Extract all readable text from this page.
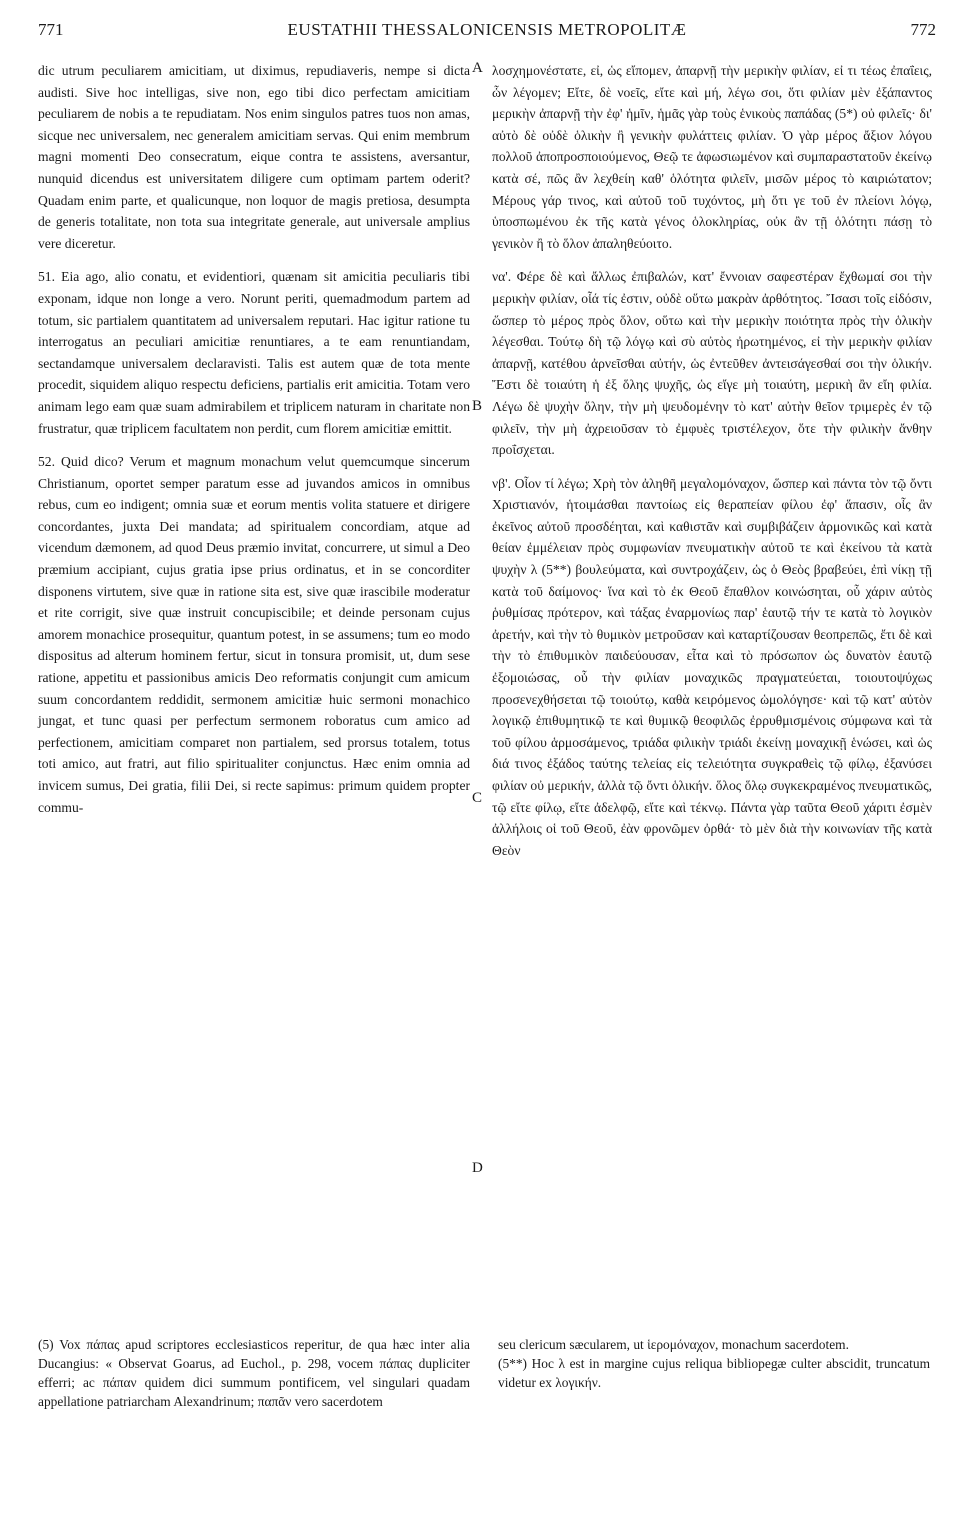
771	EUSTATHII THESSALONICENSIS METROPOLITÆ	772

dic utrum peculiarem amicitiam, ut diximus, repudiaveris, nempe si dicta audisti. Sive hoc intelligas, sive non, ego tibi dico perfectam amicitiam peculiarem de nobis a te repudiatam. Nos enim singulos patres tuos non amas, sicque nec universalem, nec generalem amicitiam servas. Qui enim membrum magni momenti Deo consecratum, eique contra te assistens, aversantur, nunquid dicendus est universitatem diligere cum optimam partem oderit? Quadam enim parte, et qualicunque, non loquor de magis pretiosa, desumpta de generis totalitate, non tota sua integritate generale, aut universale amplius vere diceretur.

51. Eia ago, alio conatu, et evidentiori, quænam sit amicitia peculiaris tibi exponam, idque non longe a vero. Norunt periti, quemadmodum partem ad totum, sic partialem quantitatem ad universalem reputari. Hac igitur ratione tu interrogatus an peculiari amicitiæ renuntiares, a te eam renuntiandam, sectandamque universalem declaravisti. Talis est autem quæ de tota mente procedit, siquidem aliquo respectu deficiens, partialis erit amicitia. Totam vero animam lego eam quæ suam admirabilem et triplicem naturam in charitate non frustratur, quæ triplicem facultatem non perdit, cum florem amicitiæ emittit.

52. Quid dico? Verum et magnum monachum velut quemcumque sincerum Christianum, oportet semper paratum esse ad juvandos amicos in omnibus rebus, cum eo indigent; omnia suæ et eorum mentis volita statuere et dirigere concordantes, juxta Dei mandata; ad spiritualem concordiam, atque ad vicendum dæmonem, ad quod Deus præmio invitat, concurrere, ut simul a Deo præmium accipiant, cujus gratia ipse prius ordinatus, et in se concorditer disponens virtutem, sive quæ in ratione sita est, sive quæ irascibile moderatur et rite corrigit, sive quæ instruit concupiscibile; et deinde personam cujus amorem monachice prosequitur, quantum potest, in se assumens; tum eo modo dispositus ad alterum hominem fertur, sicut in tonsura promisit, ut, dum sese ratione, appetitu et passionibus amicis Deo reformatis conjungit cum amicum suum concordantem reddidit, sermonem amicitiæ huic sermoni monachico jungat, et tunc quasi per perfectum sermonem roboratus cum amico ad perfectionem, amicitiam comparet non partialem, sed prorsus totalem, totus toti amico, aut fratri, aut filio spiritualiter conjunctus. Hæc enim omnia ad invicem sumus, Dei gratia, filii Dei, si recte sapimus: primum quidem propter commu-

A
B
C
D

λοσχημονέστατε, εἰ, ὡς εἴπομεν, ἀπαρνῇ τὴν μερικὴν φιλίαν, εἰ τι τέως ἐπαΐεις, ὧν λέγομεν; Εἴτε, δὲ νοεῖς, εἴτε καὶ μή, λέγω σοι, ὅτι φιλίαν μὲν ἐξάπαντος μερικὴν ἀπαρνῇ τὴν ἐφ' ἡμῖν, ἡμᾶς γὰρ τοὺς ἑνικοὺς παπάδας (5*) οὐ φιλεῖς· δι' αὐτὸ δὲ οὐδὲ ὁλικὴν ἢ γενικὴν φυλάττεις φιλίαν. Ὁ γὰρ μέρος ἄξιον λόγου πολλοῦ ἀποπροσποιούμενος, Θεῷ τε ἀφωσιωμένον καὶ συμπαραστατοῦν ἐκείνῳ κατὰ σέ, πῶς ἂν λεχθείη καθ' ὁλότητα φιλεῖν, μισῶν μέρος τὸ καιριώτατον; Μέρους γάρ τινος, καὶ αὐτοῦ τοῦ τυχόντος, μὴ ὅτι γε τοῦ ἐν πλείονι λόγῳ, ὑποσπωμένου ἐκ τῆς κατὰ γένος ὁλοκληρίας, οὐκ ἂν τῇ ὁλότητι πάσῃ τὸ γενικὸν ἢ τὸ ὅλον ἀπαληθεύοιτο.

να'. Φέρε δὲ καὶ ἄλλως ἐπιβαλών, κατ' ἔννοιαν σαφεστέραν ἔχθωμαί σοι τὴν μερικὴν φιλίαν, οἷά τίς ἐστιν, οὐδὲ οὕτω μακρὰν ἀρθότητος. Ἴσασι τοῖς εἰδόσιν, ὥσπερ τὸ μέρος πρὸς ὅλον, οὕτω καὶ τὴν μερικὴν ποιότητα πρὸς τὴν ὁλικὴν λέγεσθαι. Τούτῳ δὴ τῷ λόγῳ καὶ σὺ αὐτὸς ἠρωτημένος, εἰ τὴν μερικὴν φιλίαν ἀπαρνῇ, κατέθου ἀρνεῖσθαι αὐτήν, ὡς ἐντεῦθεν ἀντεισάγεσθαί σοι τὴν ὁλικήν. Ἔστι δὲ τοιαύτη ἡ ἐξ ὅλης ψυχῆς, ὡς εἴγε μὴ τοιαύτη, μερικὴ ἂν εἴη φιλία. Λέγω δὲ ψυχὴν ὅλην, τὴν μὴ ψευδομένην τὸ κατ' αὐτὴν θεῖον τριμερὲς ἐν τῷ φιλεῖν, τὴν μὴ ἀχρειοῦσαν τὸ ἐμφυὲς τριστέλεχον, ὅτε τὴν φιλικὴν ἄνθην προΐσχεται.

νβ'. Οἷον τί λέγω; Χρὴ τὸν ἀληθῆ μεγαλομόναχον, ὥσπερ καὶ πάντα τὸν τῷ ὄντι Χριστιανόν, ἡτοιμάσθαι παντοίως εἰς θεραπείαν φίλου ἐφ' ἅπασιν, οἷς ἂν ἐκεῖνος αὐτοῦ προσδέηται, καὶ καθιστᾶν καὶ συμβιβάζειν ἁρμονικῶς καὶ κατὰ θείαν ἐμμέλειαν πρὸς συμφωνίαν πνευματικὴν αὐτοῦ τε καὶ ἐκείνου τὰ κατὰ ψυχὴν λ (5**) βουλεύματα, καὶ συντροχάζειν, ὡς ὁ Θεὸς βραβεύει, ἐπὶ νίκῃ τῇ κατὰ τοῦ δαίμονος· ἵνα καὶ τὸ ἐκ Θεοῦ ἔπαθλον κοινώσηται, οὗ χάριν αὐτὸς ῥυθμίσας πρότερον, καὶ τάξας ἐναρμονίως παρ' ἑαυτῷ τήν τε κατὰ τὸ λογικὸν ἀρετήν, καὶ τὴν τὸ θυμικὸν μετροῦσαν καὶ καταρτίζουσαν θεοπρεπῶς, ἔτι δὲ καὶ τὴν τὸ ἐπιθυμικὸν παιδεύουσαν, εἶτα καὶ τὸ πρόσωπον ὡς δυνατὸν ἑαυτῷ ἐξομοιώσας, οὗ τὴν φιλίαν μοναχικῶς πραγματεύεται, τοιουτοψύχως προσενεχθήσεται τῷ τοιούτῳ, καθὰ κειρόμενος ὡμολόγησε· καὶ τῷ κατ' αὐτὸν λογικῷ ἐπιθυμητικῷ τε καὶ θυμικῷ θεοφιλῶς ἐρρυθμισμένοις σύμφωνα καὶ τὰ τοῦ φίλου ἁρμοσάμενος, τριάδα φιλικὴν τριάδι ἐκείνῃ μοναχικῇ ἑνώσει, καὶ ὡς διά τινος ἐξάδος ταύτης τελείας εἰς τελειότητα συγκραθεὶς τῷ φίλῳ, ἐξανύσει φιλίαν οὐ μερικήν, ἀλλὰ τῷ ὄντι ὁλικήν. ὅλος ὅλῳ συγκεκραμένος πνευματικῶς, τῷ εἴτε φίλῳ, εἴτε ἀδελφῷ, εἴτε καὶ τέκνῳ. Πάντα γὰρ ταῦτα Θεοῦ χάριτι ἐσμὲν ἀλλήλοις οἱ τοῦ Θεοῦ, ἐὰν φρονῶμεν ὀρθά· τὸ μὲν διὰ τὴν κοινωνίαν τῆς κατὰ Θεὸν

(5) Vox πάπας apud scriptores ecclesiasticos reperitur, de qua hæc inter alia Ducangius: « Observat Goarus, ad Euchol., p. 298, vocem πάπας dupliciter efferri; ac πάπαν quidem dici summum pontificem, vel singulari quadam appellatione patriarcham Alexandrinum; παπᾶν vero sacerdotem

seu clericum sæcularem, ut ἱερομόναχον, monachum sacerdotem.

(5**) Hoc λ est in margine cujus reliqua bibliopegæ culter abscidit, truncatum videtur ex λογικήν.
